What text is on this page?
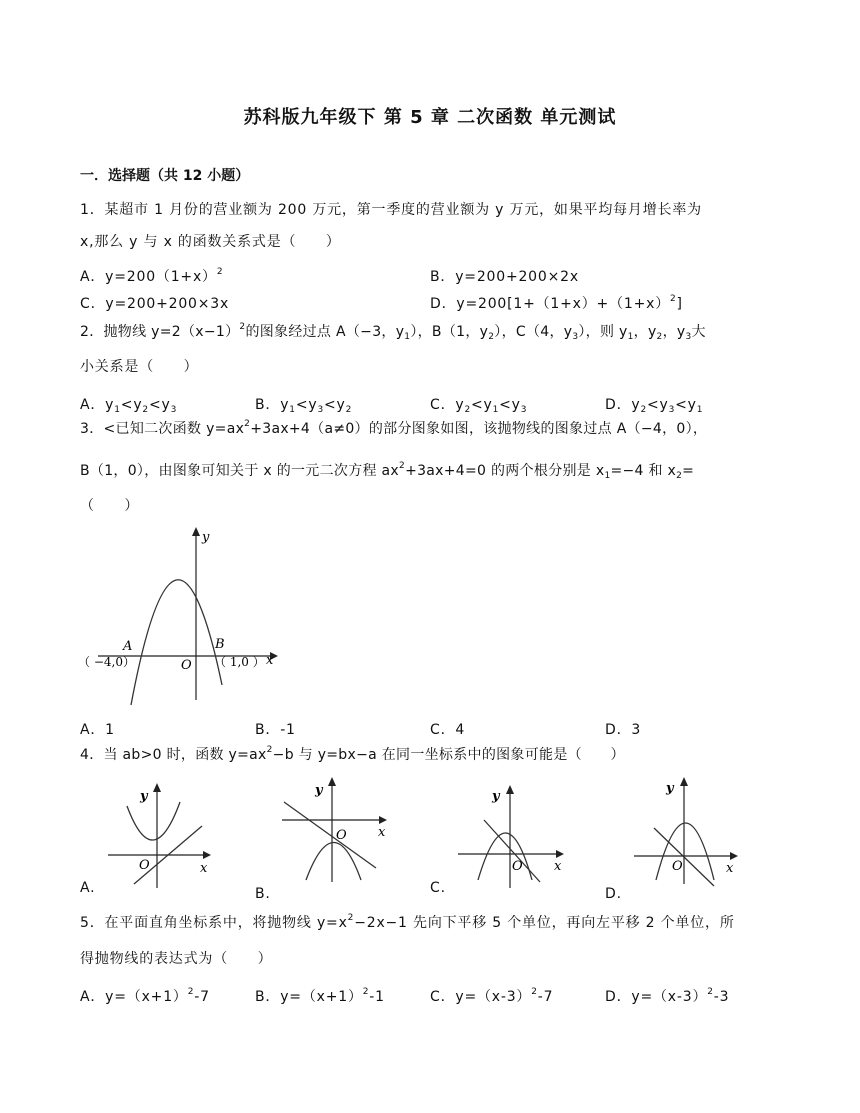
苏科版九年级下 第 5 章 二次函数 单元测试
一．选择题（共 12 小题）
1．某超市 1 月份的营业额为 200 万元，第一季度的营业额为 y 万元，如果平均每月增长率为
x,那么 y 与 x 的函数关系式是（　　）
A．$y=200(1+x)^2$	B．y=200+200×2x
C．y=200+200×3x	D．$y=200[1+(1+x)+(1+x)^2]$
2．抛物线 $y=2(x-1)^2$的图象经过点 A（−3，$y_1$），B（1，$y_2$），C（4，$y_3$），则 $y_1$，$y_2$，$y_3$大
小关系是（　　）
A．$y_1<y_2<y_3$	B．$y_1<y_3<y_2$	C．$y_2<y_1<y_3$	D．$y_2<y_3<y_1$
3．<已知二次函数 $y=ax^2+3ax+4(a\ne 0)$的部分图象如图，该抛物线的图象过点 A（−4，0），
B（1，0），由图象可知关于 x 的一元二次方程 $ax^2+3ax+4=0$ 的两个根分别是 $x_1=-4$ 和 $x_2=$
（　　）
y
x
O
A	B
（ −4,0）	（ 1,0 ）
A．1	B．-1	C．4	D．3
4．当 ab>0 时，函数 $y=ax^2-b$ 与 y=bx−a 在同一坐标系中的图象可能是（　　）
y
x
O
A.
y
x
O
B.
y
x
O
C.
y
x
O
D.
5．在平面直角坐标系中，将抛物线 $y=x^2-2x-1$ 先向下平移 5 个单位，再向左平移 2 个单位，所
得抛物线的表达式为（　　）
A．$y=(x+1)^2-7$	B．$y=(x+1)^2-1$	C．$y=(x-3)^2-7$	D．$y=(x-3)^2-3$
